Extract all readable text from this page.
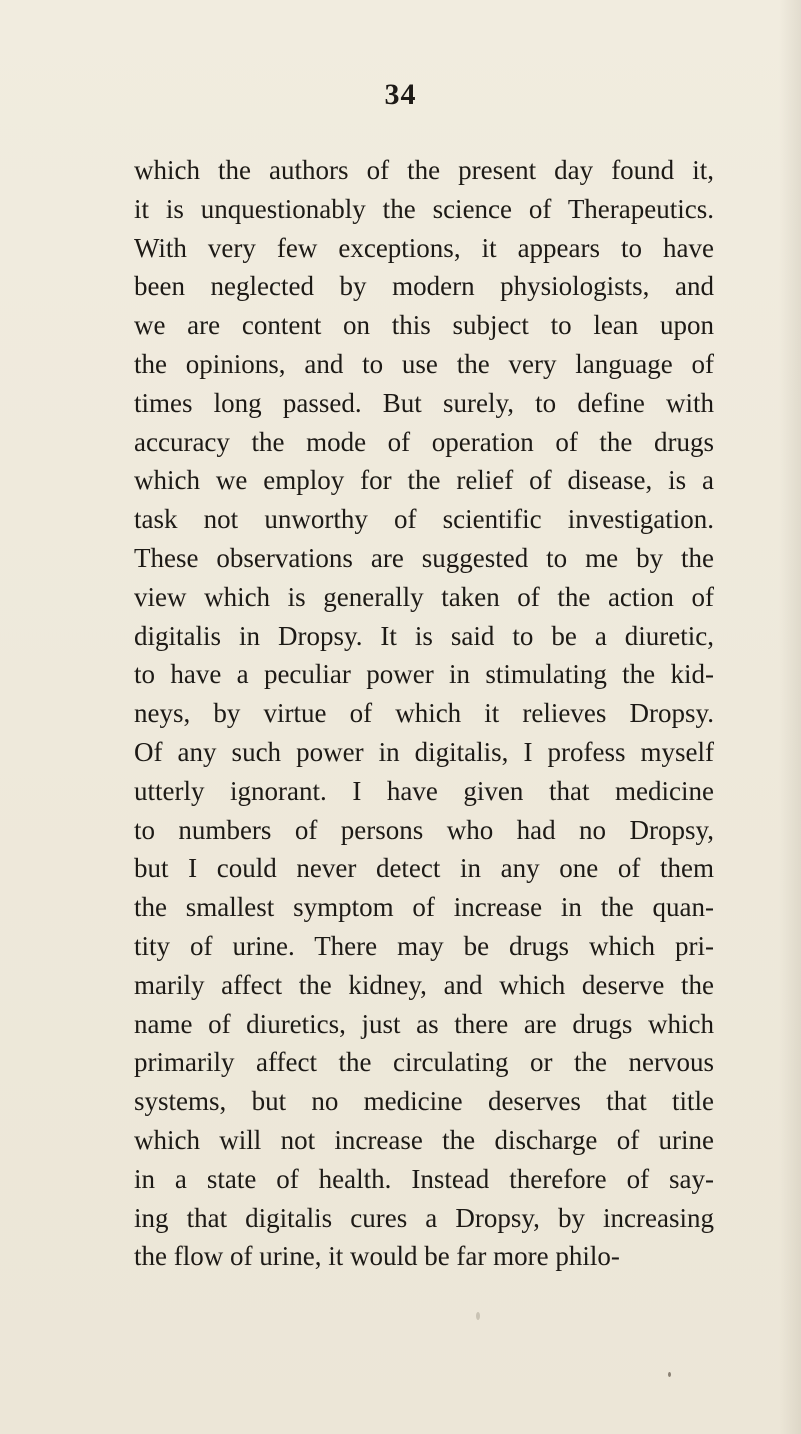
34
which the authors of the present day found it,
it is unquestionably the science of Therapeutics.
With very few exceptions, it appears to have
been neglected by modern physiologists, and
we are content on this subject to lean upon
the opinions, and to use the very language of
times long passed. But surely, to define with
accuracy the mode of operation of the drugs
which we employ for the relief of disease, is a
task not unworthy of scientific investigation.
These observations are suggested to me by the
view which is generally taken of the action of
digitalis in Dropsy. It is said to be a diuretic,
to have a peculiar power in stimulating the kid-
neys, by virtue of which it relieves Dropsy.
Of any such power in digitalis, I profess myself
utterly ignorant. I have given that medicine
to numbers of persons who had no Dropsy,
but I could never detect in any one of them
the smallest symptom of increase in the quan-
tity of urine. There may be drugs which pri-
marily affect the kidney, and which deserve the
name of diuretics, just as there are drugs which
primarily affect the circulating or the nervous
systems, but no medicine deserves that title
which will not increase the discharge of urine
in a state of health. Instead therefore of say-
ing that digitalis cures a Dropsy, by increasing
the flow of urine, it would be far more philo-
